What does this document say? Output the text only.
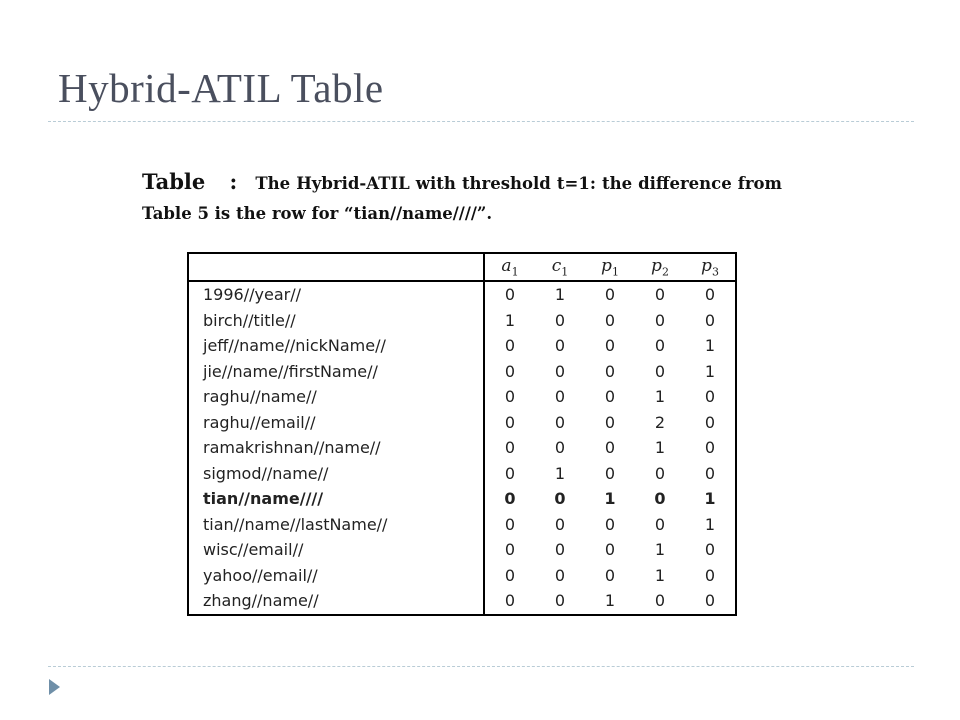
Hybrid-ATIL Table
Table : The Hybrid-ATIL with threshold t=1: the difference from Table 5 is the row for “tian//name////”.
	$a_1$	$c_1$	$p_1$	$p_2$	$p_3$
1996//year//	0	1	0	0	0
birch//title//	1	0	0	0	0
jeff//name//nickName//	0	0	0	0	1
jie//name//firstName//	0	0	0	0	1
raghu//name//	0	0	0	1	0
raghu//email//	0	0	0	2	0
ramakrishnan//name//	0	0	0	1	0
sigmod//name//	0	1	0	0	0
tian//name////	0	0	1	0	1
tian//name//lastName//	0	0	0	0	1
wisc//email//	0	0	0	1	0
yahoo//email//	0	0	0	1	0
zhang//name//	0	0	1	0	0
